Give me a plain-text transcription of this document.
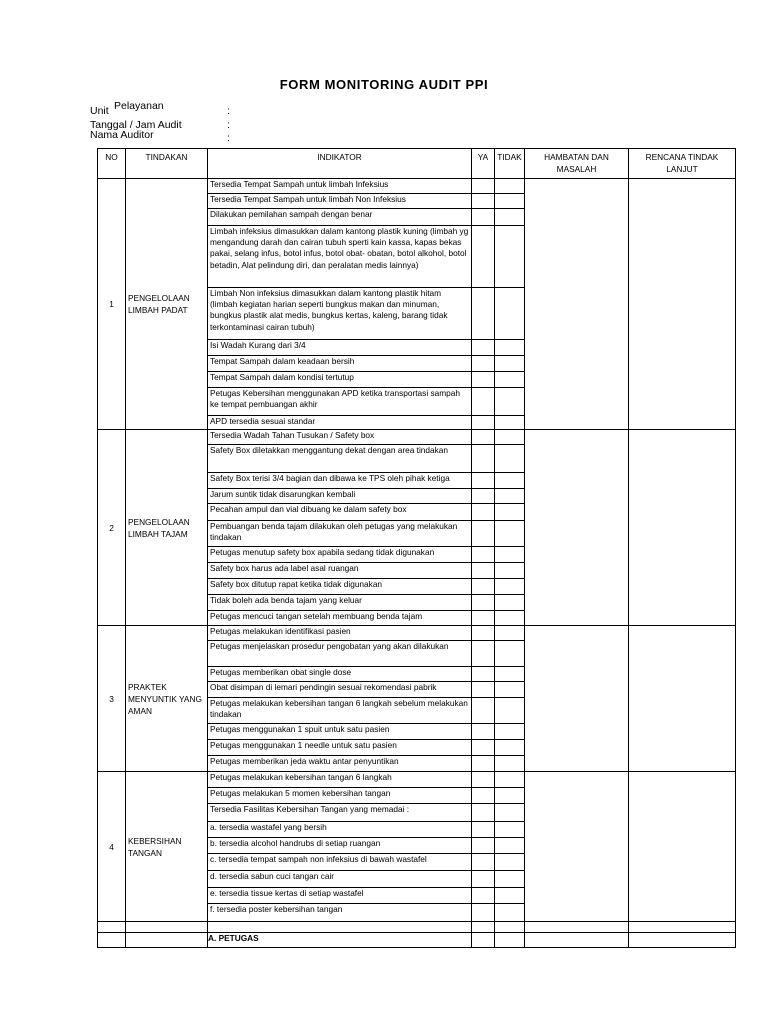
FORM MONITORING AUDIT PPI
Unit Pelayanan	:
Tanggal / Jam Audit	:
Nama Auditor	:
NO	TINDAKAN	INDIKATOR	YA	TIDAK	HAMBATAN DAN MASALAH	RENCANA TINDAK LANJUT
1	PENGELOLAAN LIMBAH PADAT	Tersedia Tempat Sampah untuk limbah Infeksius				

		Tersedia Tempat Sampah untuk limbah Non Infeksius				

		Dilakukan pemilahan sampah dengan benar				

		Limbah infeksius dimasukkan dalam kantong plastik kuning (limbah yg mengandung darah dan cairan tubuh sperti kain kassa, kapas bekas pakai, selang infus, botol infus, botol obat- obatan, botol alkohol, botol betadin, Alat pelindung diri, dan peralatan medis lainnya)				

		Limbah Non infeksius dimasukkan dalam kantong plastik hitam (limbah kegiatan harian seperti bungkus makan dan minuman, bungkus plastik alat medis, bungkus kertas, kaleng, barang tidak terkontaminasi cairan tubuh)				

		Isi Wadah Kurang dari 3/4				

		Tempat Sampah dalam keadaan bersih				

		Tempat Sampah dalam kondisi tertutup				

		Petugas Kebersihan menggunakan APD ketika transportasi sampah ke tempat pembuangan akhir				

		APD tersedia sesuai standar				

2	PENGELOLAAN LIMBAH TAJAM	Tersedia Wadah Tahan Tusukan / Safety box				

		Safety Box diletakkan menggantung dekat dengan area tindakan				

		Safety Box terisi 3/4 bagian dan dibawa ke TPS oleh pihak ketiga				

		Jarum suntik tidak disarungkan kembali				

		Pecahan ampul dan vial dibuang ke dalam safety box				

		Pembuangan benda tajam dilakukan oleh petugas yang melakukan tindakan				

		Petugas menutup safety box apabila sedang tidak digunakan				

		Safety box harus ada label asal ruangan				

		Safety box ditutup rapat ketika tidak digunakan				

		Tidak boleh ada benda tajam yang keluar				

		Petugas mencuci tangan setelah membuang benda tajam				

3	PRAKTEK MENYUNTIK YANG AMAN	Petugas melakukan identifikasi pasien				

		Petugas menjelaskan prosedur pengobatan yang akan dilakukan				

		Petugas memberikan obat single dose				

		Obat disimpan di lemari pendingin sesuai rekomendasi pabrik				

		Petugas melakukan kebersihan tangan 6 langkah sebelum melakukan tindakan				

		Petugas menggunakan 1 spuit untuk satu pasien				

		Petugas menggunakan 1 needle untuk satu pasien				

		Petugas memberikan jeda waktu antar penyuntikan				

4	KEBERSIHAN TANGAN	Petugas melakukan kebersihan tangan 6 langkah				

		Petugas melakukan 5 momen kebersihan tangan				

		Tersedia Fasilitas Kebersihan Tangan yang memadai :				

		a. tersedia wastafel yang bersih				

		b. tersedia alcohol handrubs di setiap ruangan				

		c. tersedia tempat sampah non infeksius di bawah wastafel				

		d. tersedia sabun cuci tangan cair				

		e. tersedia tissue kertas di setiap wastafel				

		f. tersedia poster kebersihan tangan				

		A. PETUGAS				
